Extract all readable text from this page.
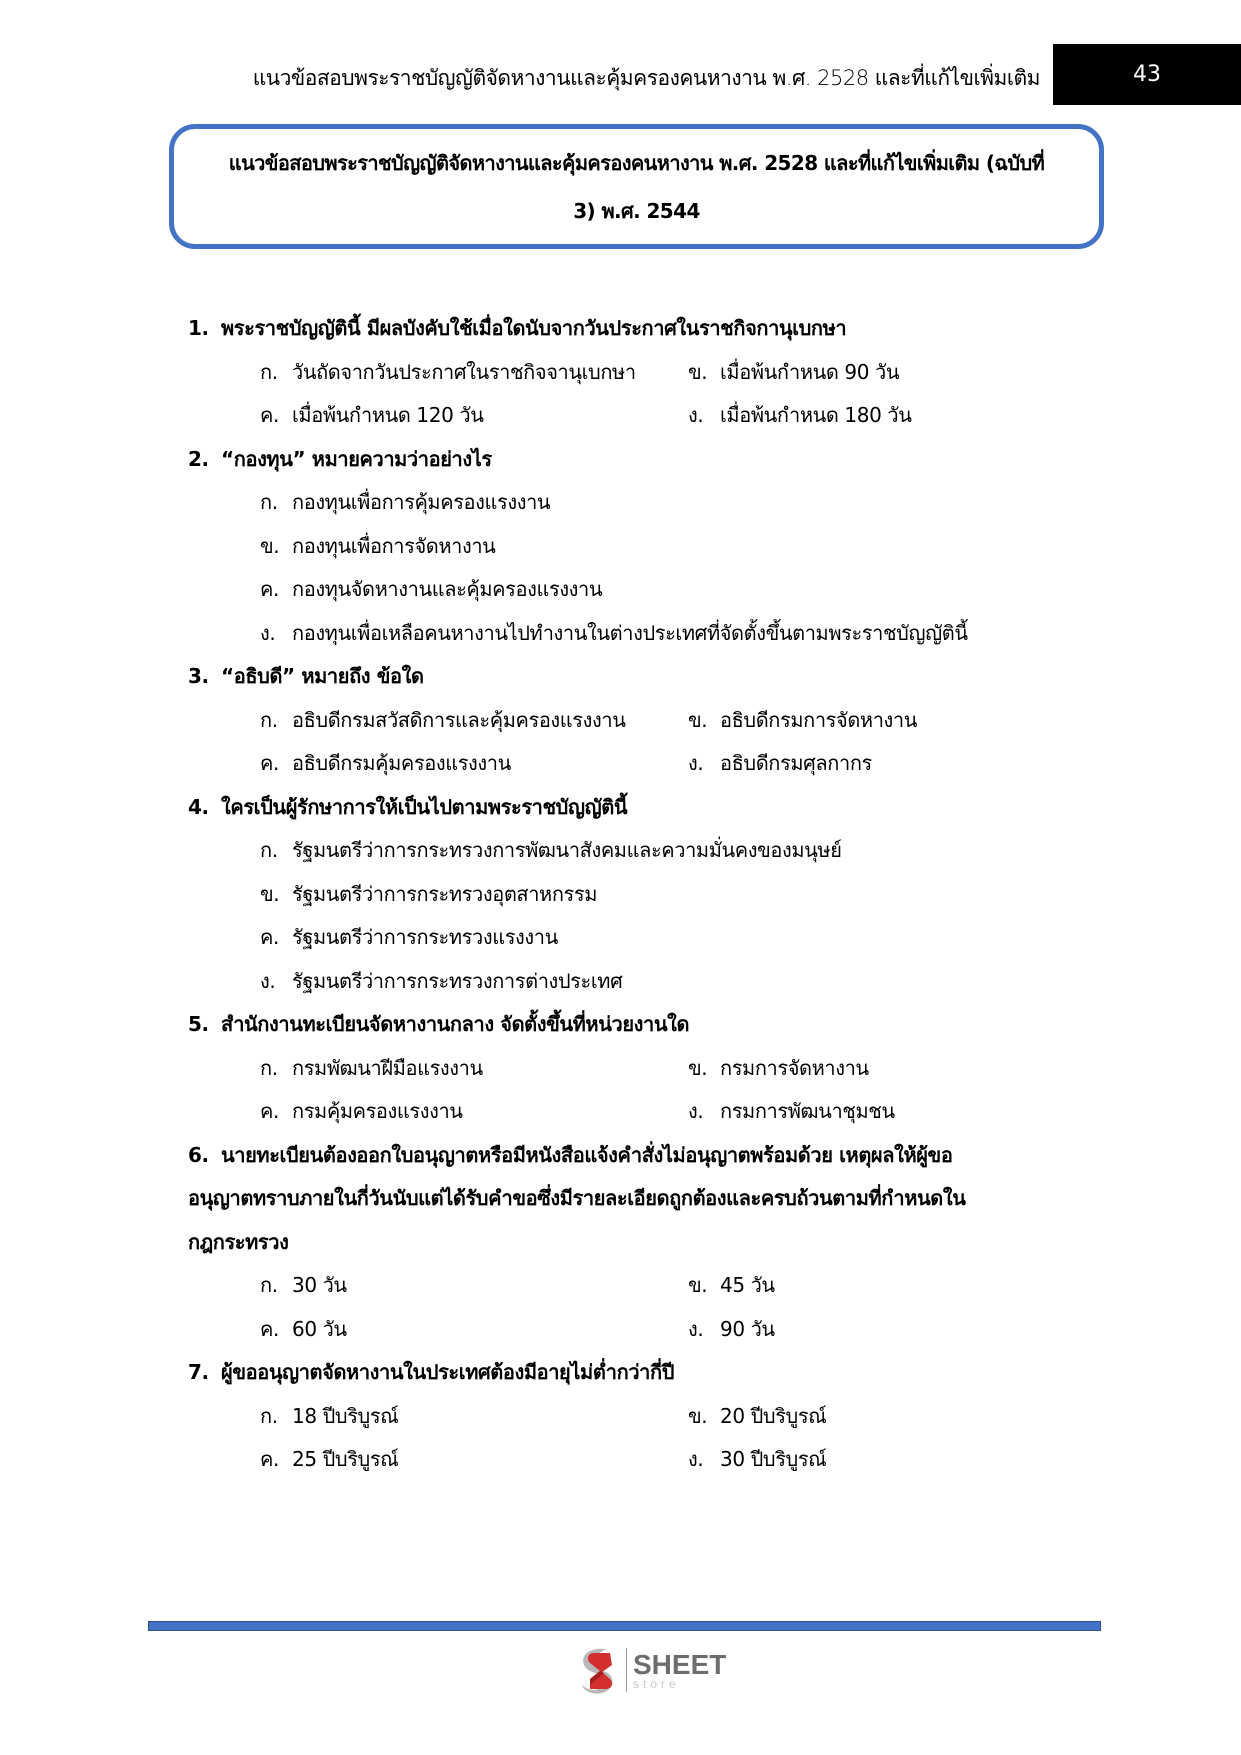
แนวข้อสอบพระราชบัญญัติจัดหางานและคุ้มครองคนหางาน พ.ศ. 2528 และที่แก้ไขเพิ่มเติม	43
แนวข้อสอบพระราชบัญญัติจัดหางานและคุ้มครองคนหางาน พ.ศ. 2528 และที่แก้ไขเพิ่มเติม (ฉบับที่
3) พ.ศ. 2544
1. พระราชบัญญัตินี้ มีผลบังคับใช้เมื่อใดนับจากวันประกาศในราชกิจกานุเบกษา
ก. วันถัดจากวันประกาศในราชกิจจานุเบกษา	ข. เมื่อพ้นกำหนด 90 วัน
ค. เมื่อพ้นกำหนด 120 วัน	ง. เมื่อพ้นกำหนด 180 วัน
2. “กองทุน” หมายความว่าอย่างไร
ก. กองทุนเพื่อการคุ้มครองแรงงาน
ข. กองทุนเพื่อการจัดหางาน
ค. กองทุนจัดหางานและคุ้มครองแรงงาน
ง. กองทุนเพื่อเหลือคนหางานไปทำงานในต่างประเทศที่จัดตั้งขึ้นตามพระราชบัญญัตินี้
3. “อธิบดี” หมายถึง ข้อใด
ก. อธิบดีกรมสวัสดิการและคุ้มครองแรงงาน	ข. อธิบดีกรมการจัดหางาน
ค. อธิบดีกรมคุ้มครองแรงงาน	ง. อธิบดีกรมศุลกากร
4. ใครเป็นผู้รักษาการให้เป็นไปตามพระราชบัญญัตินี้
ก. รัฐมนตรีว่าการกระทรวงการพัฒนาสังคมและความมั่นคงของมนุษย์
ข. รัฐมนตรีว่าการกระทรวงอุตสาหกรรม
ค. รัฐมนตรีว่าการกระทรวงแรงงาน
ง. รัฐมนตรีว่าการกระทรวงการต่างประเทศ
5. สำนักงานทะเบียนจัดหางานกลาง จัดตั้งขึ้นที่หน่วยงานใด
ก. กรมพัฒนาฝีมือแรงงาน	ข. กรมการจัดหางาน
ค. กรมคุ้มครองแรงงาน	ง. กรมการพัฒนาชุมชน
6. นายทะเบียนต้องออกใบอนุญาตหรือมีหนังสือแจ้งคำสั่งไม่อนุญาตพร้อมด้วย เหตุผลให้ผู้ขอ
อนุญาตทราบภายในกี่วันนับแต่ได้รับคำขอซึ่งมีรายละเอียดถูกต้องและครบถ้วนตามที่กำหนดใน
กฎกระทรวง
ก. 30 วัน	ข. 45 วัน
ค. 60 วัน	ง. 90 วัน
7. ผู้ขออนุญาตจัดหางานในประเทศต้องมีอายุไม่ต่ำกว่ากี่ปี
ก. 18 ปีบริบูรณ์	ข. 20 ปีบริบูรณ์
ค. 25 ปีบริบูรณ์	ง. 30 ปีบริบูรณ์
SHEET
store
